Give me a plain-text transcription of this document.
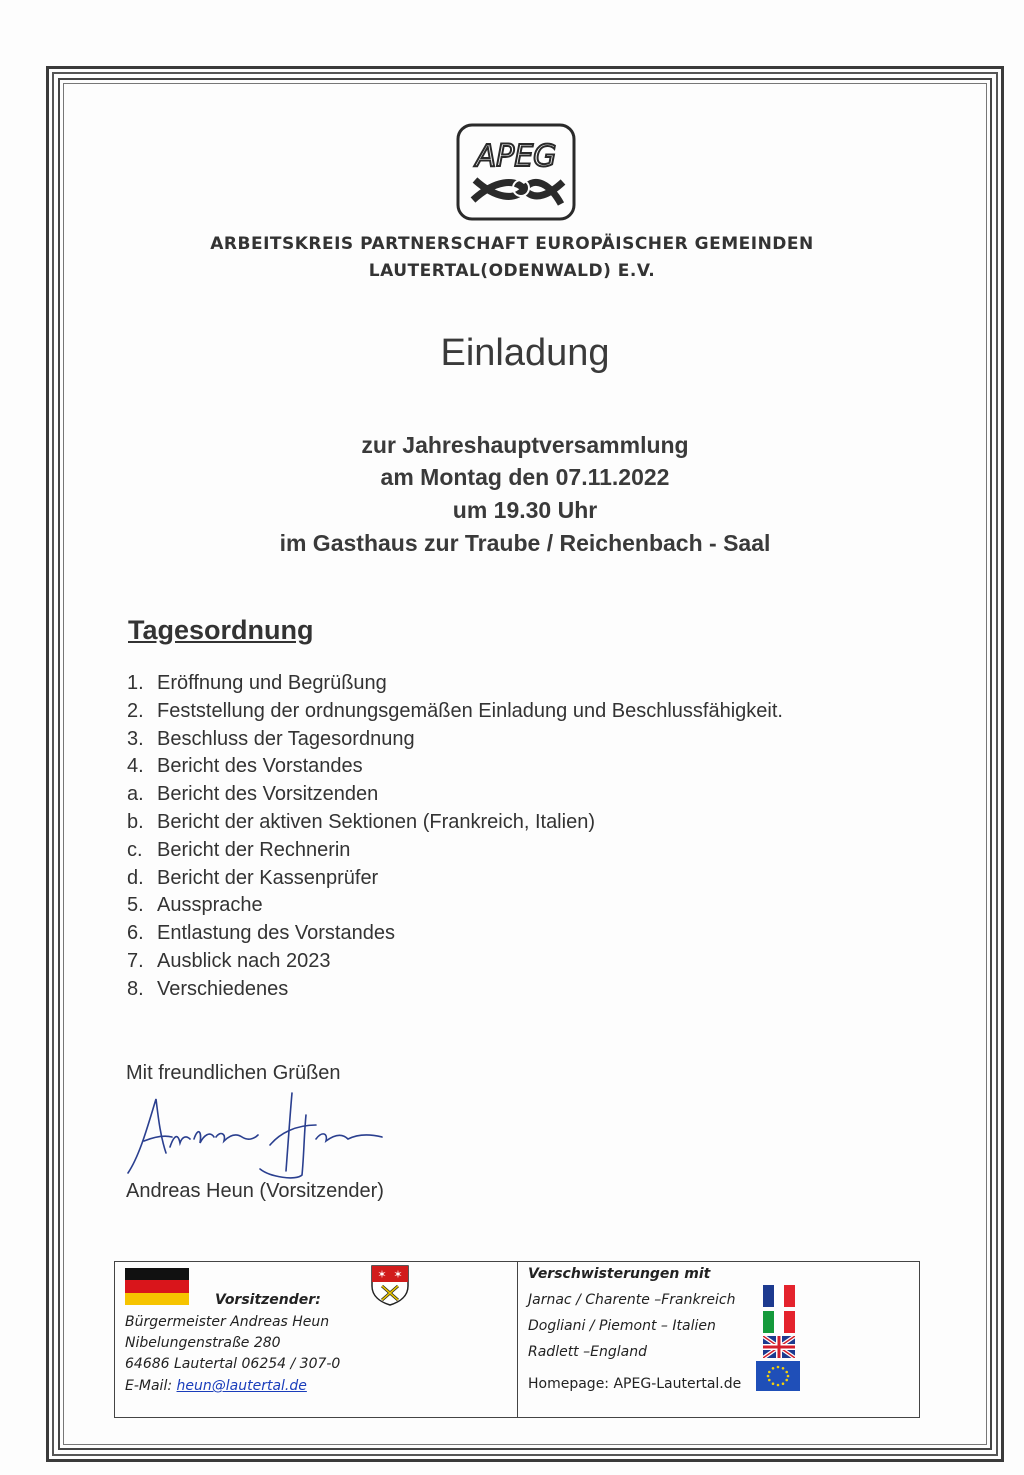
APEG
ARBEITSKREIS PARTNERSCHAFT EUROPÄISCHER GEMEINDEN
LAUTERTAL(ODENWALD) E.V.
Einladung
zur Jahreshauptversammlung
am Montag den 07.11.2022
um 19.30 Uhr
im Gasthaus zur Traube / Reichenbach - Saal
Tagesordnung
1. Eröffnung und Begrüßung
2. Feststellung der ordnungsgemäßen Einladung und Beschlussfähigkeit.
3. Beschluss der Tagesordnung
4. Bericht des Vorstandes
a. Bericht des Vorsitzenden
b. Bericht der aktiven Sektionen (Frankreich, Italien)
c. Bericht der Rechnerin
d. Bericht der Kassenprüfer
5. Aussprache
6. Entlastung des Vorstandes
7. Ausblick nach 2023
8. Verschiedenes
Mit freundlichen Grüßen
Andreas Heun (Vorsitzender)
✶ ✶
Vorsitzender:
Bürgermeister Andreas Heun
Nibelungenstraße 280
64686 Lautertal 06254 / 307-0
E-Mail: heun@lautertal.de
Verschwisterungen mit
Jarnac / Charente –Frankreich
Dogliani / Piemont – Italien
Radlett –England
Homepage: APEG-Lautertal.de
